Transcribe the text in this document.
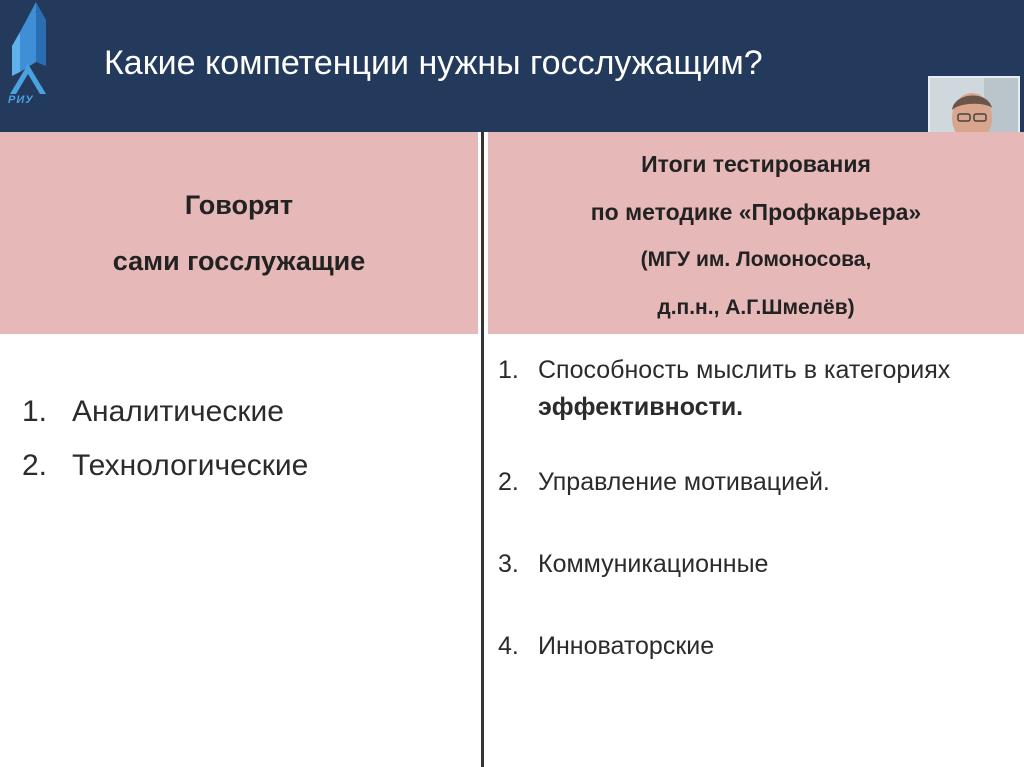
РИУ
Какие компетенции нужны госслужащим?
Говорят
сами госслужащие
Итоги тестирования
по методике «Профкарьера»
(МГУ им. Ломоносова,
д.п.н., А.Г.Шмелёв)
1. Аналитические
2. Технологические
1. Способность мыслить в категориях эффективности.
2. Управление мотивацией.
3. Коммуникационные
4. Инноваторские
